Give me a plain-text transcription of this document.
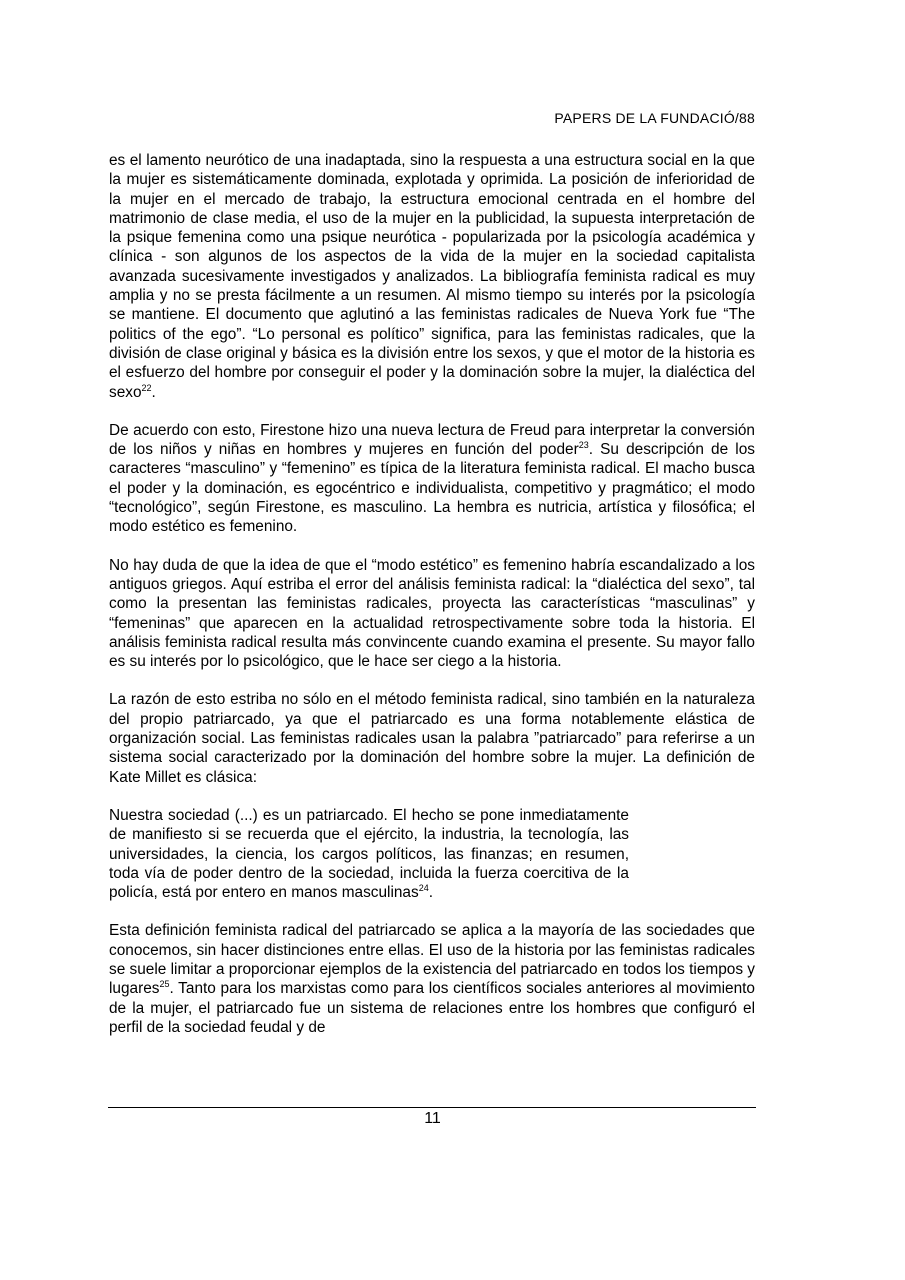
PAPERS DE LA FUNDACIÓ/88

es el lamento neurótico de una inadaptada, sino la respuesta a una estructura social en la que la mujer es sistemáticamente dominada, explotada y oprimida. La posición de inferioridad de la mujer en el mercado de trabajo, la estructura emocional centrada en el hombre del matrimonio de clase media, el uso de la mujer en la publicidad, la supuesta interpretación de la psique femenina como una psique neurótica - popularizada por la psicología académica y clínica - son algunos de los aspectos de la vida de la mujer en la sociedad capitalista avanzada sucesivamente investigados y analizados. La bibliografía feminista radical es muy amplia y no se presta fácilmente a un resumen. Al mismo tiempo su interés por la psicología se mantiene. El documento que aglutinó a las feministas radicales de Nueva York fue “The politics of the ego”. “Lo personal es político” significa, para las feministas radicales, que la división de clase original y básica es la división entre los sexos, y que el motor de la historia es el esfuerzo del hombre por conseguir el poder y la dominación sobre la mujer, la dialéctica del sexo$^{22}$.

De acuerdo con esto, Firestone hizo una nueva lectura de Freud para interpretar la conversión de los niños y niñas en hombres y mujeres en función del poder$^{23}$. Su descripción de los caracteres “masculino” y “femenino” es típica de la literatura feminista radical. El macho busca el poder y la dominación, es egocéntrico e individualista, competitivo y pragmático; el modo “tecnológico”, según Firestone, es masculino. La hembra es nutricia, artística y filosófica; el modo estético es femenino.

No hay duda de que la idea de que el “modo estético” es femenino habría escandalizado a los antiguos griegos. Aquí estriba el error del análisis feminista radical: la “dialéctica del sexo”, tal como la presentan las feministas radicales, proyecta las características “masculinas” y “femeninas” que aparecen en la actualidad retrospectivamente sobre toda la historia. El análisis feminista radical resulta más convincente cuando examina el presente. Su mayor fallo es su interés por lo psicológico, que le hace ser ciego a la historia.

La razón de esto estriba no sólo en el método feminista radical, sino también en la naturaleza del propio patriarcado, ya que el patriarcado es una forma notablemente elástica de organización social. Las feministas radicales usan la palabra ”patriarcado” para referirse a un sistema social caracterizado por la dominación del hombre sobre la mujer. La definición de Kate Millet es clásica:

Nuestra sociedad (...) es un patriarcado. El hecho se pone inmediatamente de manifiesto si se recuerda que el ejército, la industria, la tecnología, las universidades, la ciencia, los cargos políticos, las finanzas; en resumen, toda vía de poder dentro de la sociedad, incluida la fuerza coercitiva de la policía, está por entero en manos masculinas$^{24}$.

Esta definición feminista radical del patriarcado se aplica a la mayoría de las sociedades que conocemos, sin hacer distinciones entre ellas. El uso de la historia por las feministas radicales se suele limitar a proporcionar ejemplos de la existencia del patriarcado en todos los tiempos y lugares$^{25}$. Tanto para los marxistas como para los científicos sociales anteriores al movimiento de la mujer, el patriarcado fue un sistema de relaciones entre los hombres que configuró el perfil de la sociedad feudal y de

11
